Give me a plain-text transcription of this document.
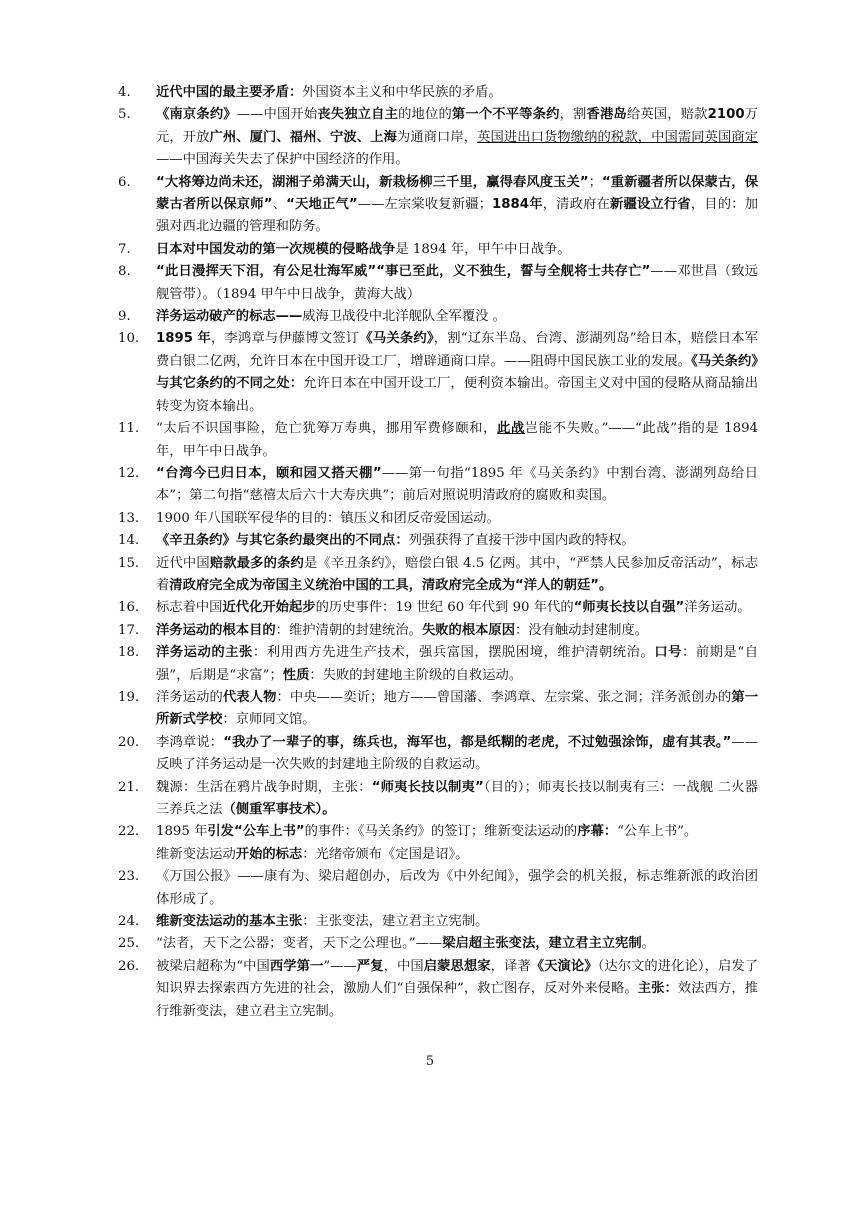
4.	近代中国的最主要矛盾：外国资本主义和中华民族的矛盾。
5.	《南京条约》——中国开始丧失独立自主的地位的第一个不平等条约，割香港岛给英国，赔款2100万元，开放广州、厦门、福州、宁波、上海为通商口岸，英国进出口货物缴纳的税款，中国需同英国商定——中国海关失去了保护中国经济的作用。
6.	“大将筹边尚未还，湖湘子弟满天山，新栽杨柳三千里，赢得春风度玉关”；“重新疆者所以保蒙古，保蒙古者所以保京师”、“天地正气”——左宗棠收复新疆；1884年，清政府在新疆设立行省，目的：加强对西北边疆的管理和防务。
7.	日本对中国发动的第一次规模的侵略战争是 1894 年，甲午中日战争。
8.	“此日漫挥天下泪，有公足壮海军威”“事已至此，义不独生，誓与全舰将士共存亡”——邓世昌（致远舰管带）。（1894 甲午中日战争，黄海大战）
9.	洋务运动破产的标志——威海卫战役中北洋舰队全军覆没 。
10.	1895 年，李鸿章与伊藤博文签订《马关条约》，割“辽东半岛、台湾、澎湖列岛”给日本，赔偿日本军费白银二亿两，允许日本在中国开设工厂，增辟通商口岸。——阻碍中国民族工业的发展。《马关条约》与其它条约的不同之处：允许日本在中国开设工厂，便利资本输出。帝国主义对中国的侵略从商品输出转变为资本输出。
11.	“太后不识国事险，危亡犹筹万寿典，挪用军费修颐和，此战岂能不失败。”——“此战”指的是 1894 年，甲午中日战争。
12.	“台湾今已归日本，颐和园又搭天棚”——第一句指“1895 年《马关条约》中割台湾、澎湖列岛给日本”；第二句指“慈禧太后六十大寿庆典”；前后对照说明清政府的腐败和卖国。
13.	1900 年八国联军侵华的目的：镇压义和团反帝爱国运动。
14.	《辛丑条约》与其它条约最突出的不同点：列强获得了直接干涉中国内政的特权。
15.	近代中国赔款最多的条约是《辛丑条约》，赔偿白银 4.5 亿两。其中，“严禁人民参加反帝活动”，标志着清政府完全成为帝国主义统治中国的工具，清政府完全成为“洋人的朝廷”。
16.	标志着中国近代化开始起步的历史事件：19 世纪 60 年代到 90 年代的“师夷长技以自强”洋务运动。
17.	洋务运动的根本目的：维护清朝的封建统治。失败的根本原因：没有触动封建制度。
18.	洋务运动的主张：利用西方先进生产技术，强兵富国，摆脱困境，维护清朝统治。口号：前期是“自强”，后期是“求富”；性质：失败的封建地主阶级的自救运动。
19.	洋务运动的代表人物：中央——奕䜣；地方——曾国藩、李鸿章、左宗棠、张之洞；洋务派创办的第一所新式学校：京师同文馆。
20.	李鸿章说：“我办了一辈子的事，练兵也，海军也，都是纸糊的老虎，不过勉强涂饰，虚有其表。”——反映了洋务运动是一次失败的封建地主阶级的自救运动。
21.	魏源：生活在鸦片战争时期，主张：“师夷长技以制夷”（目的）；师夷长技以制夷有三：一战舰 二火器 三养兵之法（侧重军事技术）。
22.	1895 年引发“公车上书”的事件：《马关条约》的签订；维新变法运动的序幕：“公车上书”。
维新变法运动开始的标志：光绪帝颁布《定国是诏》。
23.	《万国公报》——康有为、梁启超创办，后改为《中外纪闻》，强学会的机关报，标志维新派的政治团体形成了。
24.	维新变法运动的基本主张：主张变法，建立君主立宪制。
25.	“法者，天下之公器；变者，天下之公理也。”——梁启超主张变法，建立君主立宪制。
26.	被梁启超称为“中国西学第一”——严复，中国启蒙思想家，译著《天演论》（达尔文的进化论），启发了知识界去探索西方先进的社会，激励人们“自强保种”，救亡图存，反对外来侵略。主张：效法西方，推行维新变法，建立君主立宪制。
5
